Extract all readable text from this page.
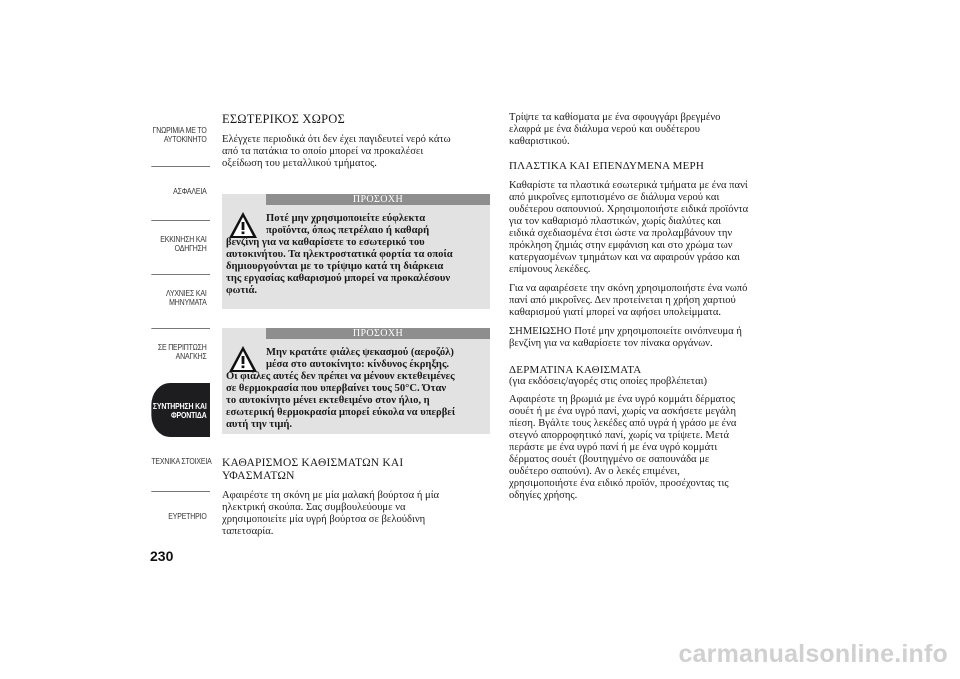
ΓΝΩΡΙΜΙΑ ΜΕ ΤΟ
ΑΥΤΟΚΙΝΗΤΟ
ΑΣΦΑΛΕΙΑ
ΕΚΚΙΝΗΣΗ ΚΑΙ
ΟΔΗΓΗΣΗ
ΛΥΧΝΙΕΣ ΚΑΙ
ΜΗΝΥΜΑΤΑ
ΣΕ ΠΕΡΙΠΤΩΣΗ
ΑΝΑΓΚΗΣ
ΣΥΝΤΗΡΗΣΗ ΚΑΙ
ΦΡΟΝΤΙΔΑ
ΤΕΧΝΙΚΑ ΣΤΟΙΧΕΙΑ
ΕΥΡΕΤΗΡΙΟ
230
ΕΣΩΤΕΡΙΚΟΣ ΧΩΡΟΣ

Ελέγχετε περιοδικά ότι δεν έχει παγιδευτεί νερό κάτω

από τα πατάκια το οποίο μπορεί να προκαλέσει

οξείδωση του μεταλλικού τμήματος.

ΠΡΟΣΟΧΗ
Ποτέ μην χρησιμοποιείτε εύφλεκτα
προϊόντα, όπως πετρέλαιο ή καθαρή
βενζίνη για να καθαρίσετε το εσωτερικό του
αυτοκινήτου. Τα ηλεκτροστατικά φορτία τα οποία
δημιουργούνται με το τρίψιμο κατά τη διάρκεια
της εργασίας καθαρισμού μπορεί να προκαλέσουν
φωτιά.
ΠΡΟΣΟΧΗ
Μην κρατάτε φιάλες ψεκασμού (αεροζόλ)
μέσα στο αυτοκίνητο: κίνδυνος έκρηξης.
Οι φιάλες αυτές δεν πρέπει να μένουν εκτεθειμένες
σε θερμοκρασία που υπερβαίνει τους 50°C. Όταν
το αυτοκίνητο μένει εκτεθειμένο στον ήλιο, η
εσωτερική θερμοκρασία μπορεί εύκολα να υπερβεί
αυτή την τιμή.
ΚΑΘΑΡΙΣΜΟΣ ΚΑΘΙΣΜΑΤΩΝ ΚΑΙ
ΥΦΑΣΜΑΤΩΝ

Αφαιρέστε τη σκόνη με μία μαλακή βούρτσα ή μία

ηλεκτρική σκούπα. Σας συμβουλεύουμε να

χρησιμοποιείτε μία υγρή βούρτσα σε βελούδινη

ταπετσαρία.

Τρίψτε τα καθίσματα με ένα σφουγγάρι βρεγμένο

ελαφρά με ένα διάλυμα νερού και ουδέτερου

καθαριστικού.

ΠΛΑΣΤΙΚΑ ΚΑΙ ΕΠΕΝΔΥΜΕΝΑ ΜΕΡΗ

Καθαρίστε τα πλαστικά εσωτερικά τμήματα με ένα πανί

από μικροΐνες εμποτισμένο σε διάλυμα νερού και

ουδέτερου σαπουνιού. Χρησιμοποιήστε ειδικά προϊόντα

για τον καθαρισμό πλαστικών, χωρίς διαλύτες και

ειδικά σχεδιασμένα έτσι ώστε να προλαμβάνουν την

πρόκληση ζημιάς στην εμφάνιση και στο χρώμα των

κατεργασμένων τμημάτων και να αφαιρούν γράσο και

επίμονους λεκέδες.

Για να αφαιρέσετε την σκόνη χρησιμοποιήστε ένα νωπό

πανί από μικροΐνες. Δεν προτείνεται η χρήση χαρτιού

καθαρισμού γιατί μπορεί να αφήσει υπολείμματα.

ΣΗΜΕΙΩΣΗΟ Ποτέ μην χρησιμοποιείτε οινόπνευμα ή

βενζίνη για να καθαρίσετε τον πίνακα οργάνων.

ΔΕΡΜΑΤΙΝΑ ΚΑΘΙΣΜΑΤΑ

(για εκδόσεις/αγορές στις οποίες προβλέπεται)

Αφαιρέστε τη βρωμιά με ένα υγρό κομμάτι δέρματος

σουέτ ή με ένα υγρό πανί, χωρίς να ασκήσετε μεγάλη

πίεση. Βγάλτε τους λεκέδες από υγρά ή γράσο με ένα

στεγνό απορροφητικό πανί, χωρίς να τρίψετε. Μετά

περάστε με ένα υγρό πανί ή με ένα υγρό κομμάτι

δέρματος σουέτ (βουτηγμένο σε σαπουνάδα με

ουδέτερο σαπούνι). Αν ο λεκές επιμένει,

χρησιμοποιήστε ένα ειδικό προϊόν, προσέχοντας τις

οδηγίες χρήσης.

carmanualsonline.info
